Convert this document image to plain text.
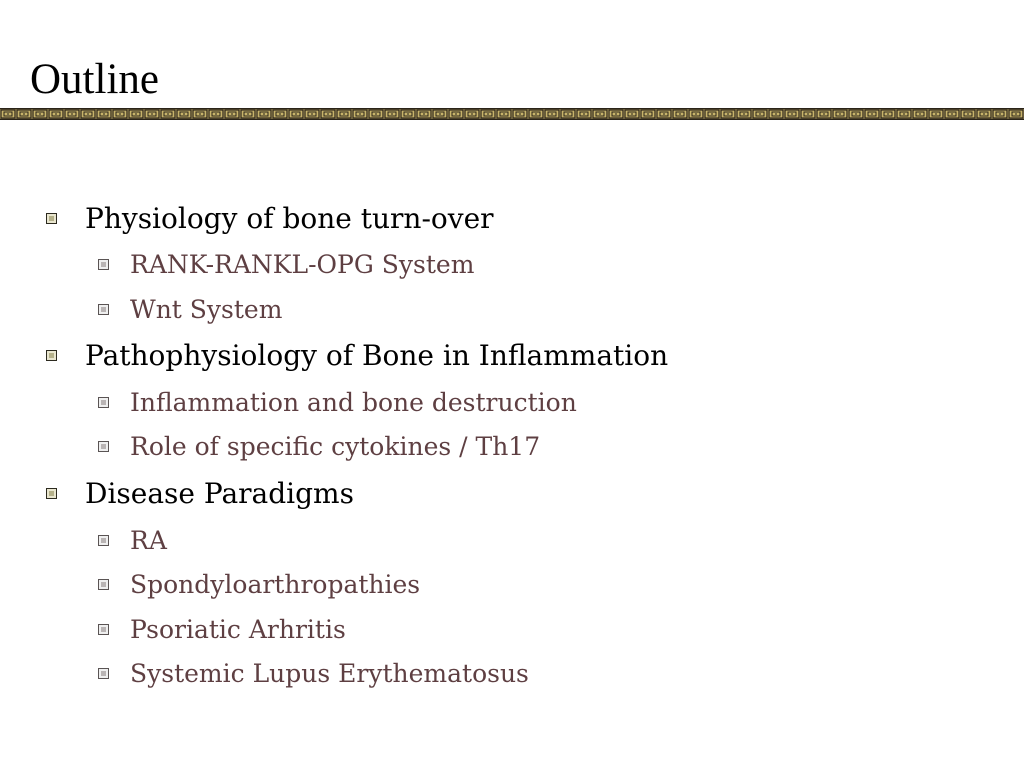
Outline
Physiology of bone turn-over
RANK-RANKL-OPG System
Wnt System
Pathophysiology of Bone in Inflammation
Inflammation and bone destruction
Role of specific cytokines / Th17
Disease Paradigms
RA
Spondyloarthropathies
Psoriatic Arhritis
Systemic Lupus Erythematosus
